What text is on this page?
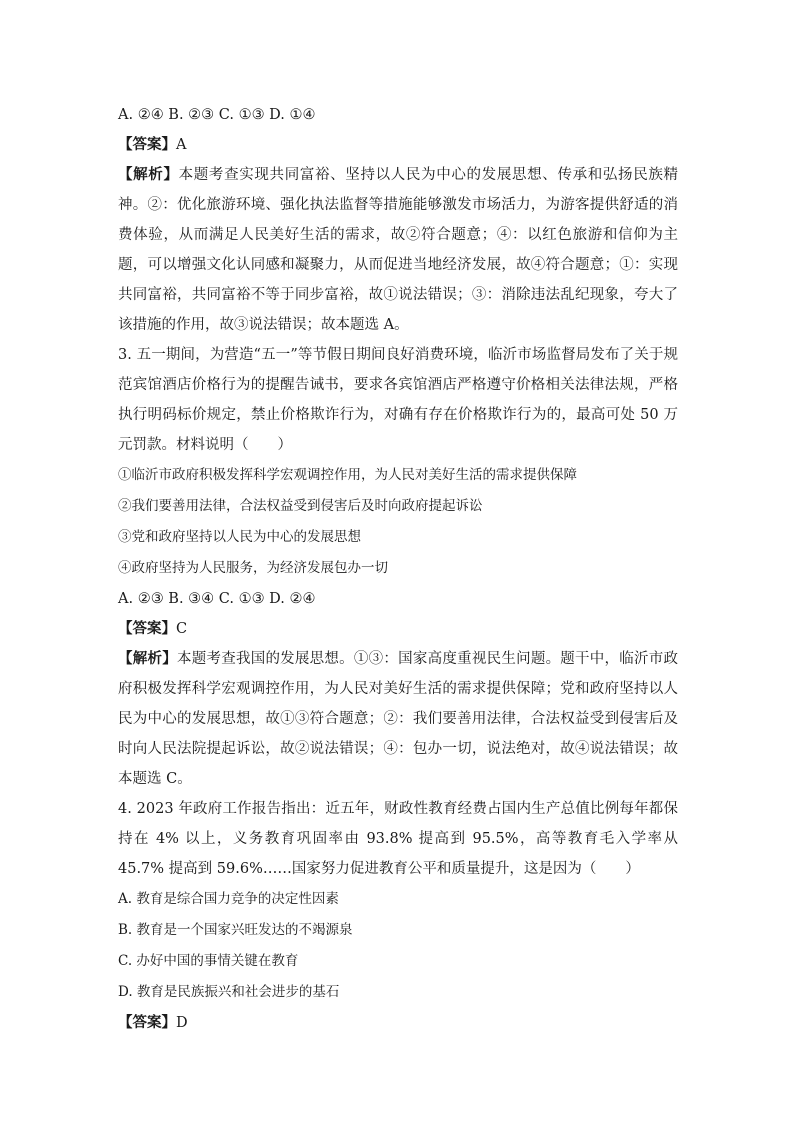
A. ②④ B. ②③ C. ①③ D. ①④
【答案】A
【解析】本题考查实现共同富裕、坚持以人民为中心的发展思想、传承和弘扬民族精神。②：优化旅游环境、强化执法监督等措施能够激发市场活力，为游客提供舒适的消费体验，从而满足人民美好生活的需求，故②符合题意；④：以红色旅游和信仰为主题，可以增强文化认同感和凝聚力，从而促进当地经济发展，故④符合题意；①：实现共同富裕，共同富裕不等于同步富裕，故①说法错误；③：消除违法乱纪现象，夸大了该措施的作用，故③说法错误；故本题选 A。
3. 五一期间，为营造“五一”等节假日期间良好消费环境，临沂市场监督局发布了关于规范宾馆酒店价格行为的提醒告诫书，要求各宾馆酒店严格遵守价格相关法律法规，严格执行明码标价规定，禁止价格欺诈行为，对确有存在价格欺诈行为的，最高可处 50 万元罚款。材料说明（　　）
①临沂市政府积极发挥科学宏观调控作用，为人民对美好生活的需求提供保障
②我们要善用法律，合法权益受到侵害后及时向政府提起诉讼
③党和政府坚持以人民为中心的发展思想
④政府坚持为人民服务，为经济发展包办一切
A. ②③ B. ③④ C. ①③ D. ②④
【答案】C
【解析】本题考查我国的发展思想。①③：国家高度重视民生问题。题干中，临沂市政府积极发挥科学宏观调控作用，为人民对美好生活的需求提供保障；党和政府坚持以人民为中心的发展思想，故①③符合题意；②：我们要善用法律，合法权益受到侵害后及时向人民法院提起诉讼，故②说法错误；④：包办一切，说法绝对，故④说法错误；故本题选 C。
4. 2023 年政府工作报告指出：近五年，财政性教育经费占国内生产总值比例每年都保持在 4% 以上，义务教育巩固率由 93.8% 提高到 95.5%，高等教育毛入学率从 45.7% 提高到 59.6%……国家努力促进教育公平和质量提升，这是因为（　　）
A. 教育是综合国力竞争的决定性因素
B. 教育是一个国家兴旺发达的不竭源泉
C. 办好中国的事情关键在教育
D. 教育是民族振兴和社会进步的基石
【答案】D
